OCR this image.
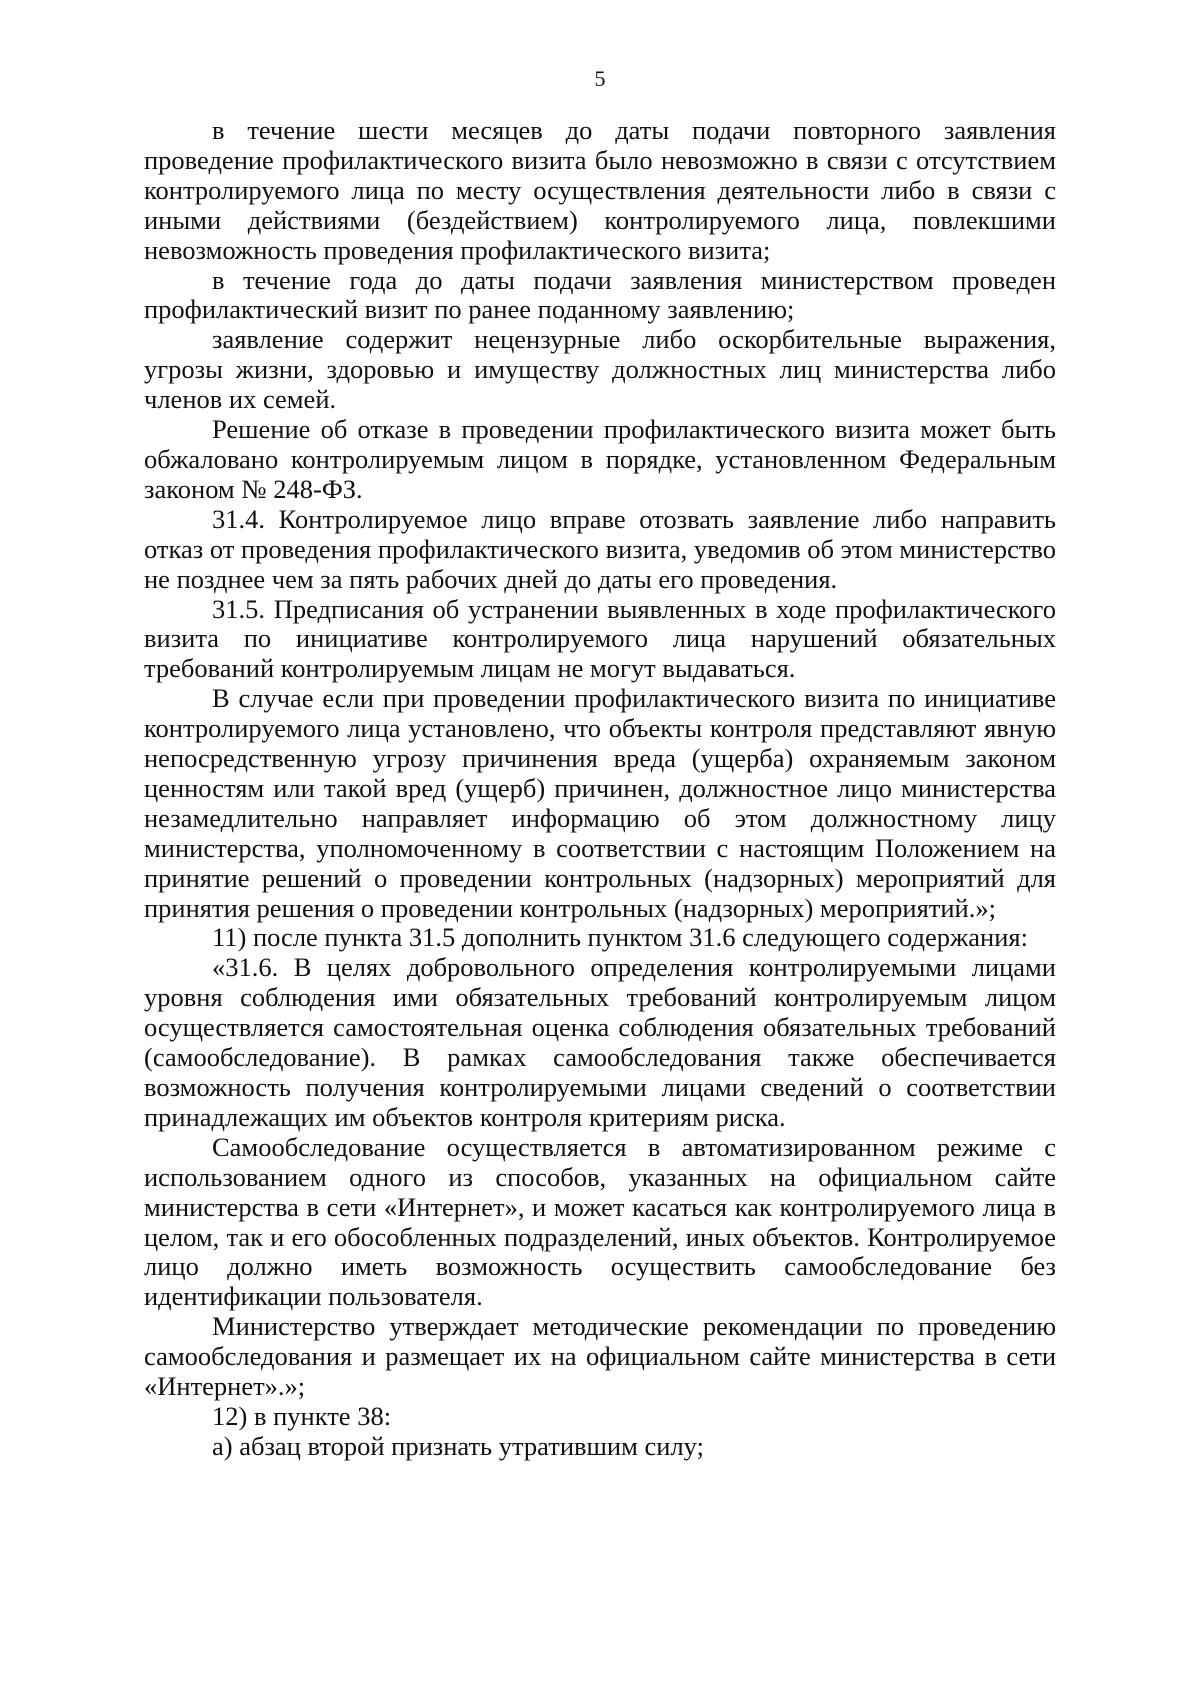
5

в течение шести месяцев до даты подачи повторного заявления проведение профилактического визита было невозможно в связи с отсутствием контролируемого лица по месту осуществления деятельности либо в связи с иными действиями (бездействием) контролируемого лица, повлекшими невозможность проведения профилактического визита;

в течение года до даты подачи заявления министерством проведен профилактический визит по ранее поданному заявлению;

заявление содержит нецензурные либо оскорбительные выражения, угрозы жизни, здоровью и имуществу должностных лиц министерства либо членов их семей.

Решение об отказе в проведении профилактического визита может быть обжаловано контролируемым лицом в порядке, установленном Федеральным законом № 248-ФЗ.

31.4. Контролируемое лицо вправе отозвать заявление либо направить отказ от проведения профилактического визита, уведомив об этом министерство не позднее чем за пять рабочих дней до даты его проведения.

31.5. Предписания об устранении выявленных в ходе профилактического визита по инициативе контролируемого лица нарушений обязательных требований контролируемым лицам не могут выдаваться.

В случае если при проведении профилактического визита по инициативе контролируемого лица установлено, что объекты контроля представляют явную непосредственную угрозу причинения вреда (ущерба) охраняемым законом ценностям или такой вред (ущерб) причинен, должностное лицо министерства незамедлительно направляет информацию об этом должностному лицу министерства, уполномоченному в соответствии с настоящим Положением на принятие решений о проведении контрольных (надзорных) мероприятий для принятия решения о проведении контрольных (надзорных) мероприятий.»;

11) после пункта 31.5 дополнить пунктом 31.6 следующего содержания:

«31.6. В целях добровольного определения контролируемыми лицами уровня соблюдения ими обязательных требований контролируемым лицом осуществляется самостоятельная оценка соблюдения обязательных требований (самообследование). В рамках самообследования также обеспечивается возможность получения контролируемыми лицами сведений о соответствии принадлежащих им объектов контроля критериям риска.

Самообследование осуществляется в автоматизированном режиме с использованием одного из способов, указанных на официальном сайте министерства в сети «Интернет», и может касаться как контролируемого лица в целом, так и его обособленных подразделений, иных объектов. Контролируемое лицо должно иметь возможность осуществить самообследование без идентификации пользователя.

Министерство утверждает методические рекомендации по проведению самообследования и размещает их на официальном сайте министерства в сети «Интернет».»;

12) в пункте 38:

а) абзац второй признать утратившим силу;
